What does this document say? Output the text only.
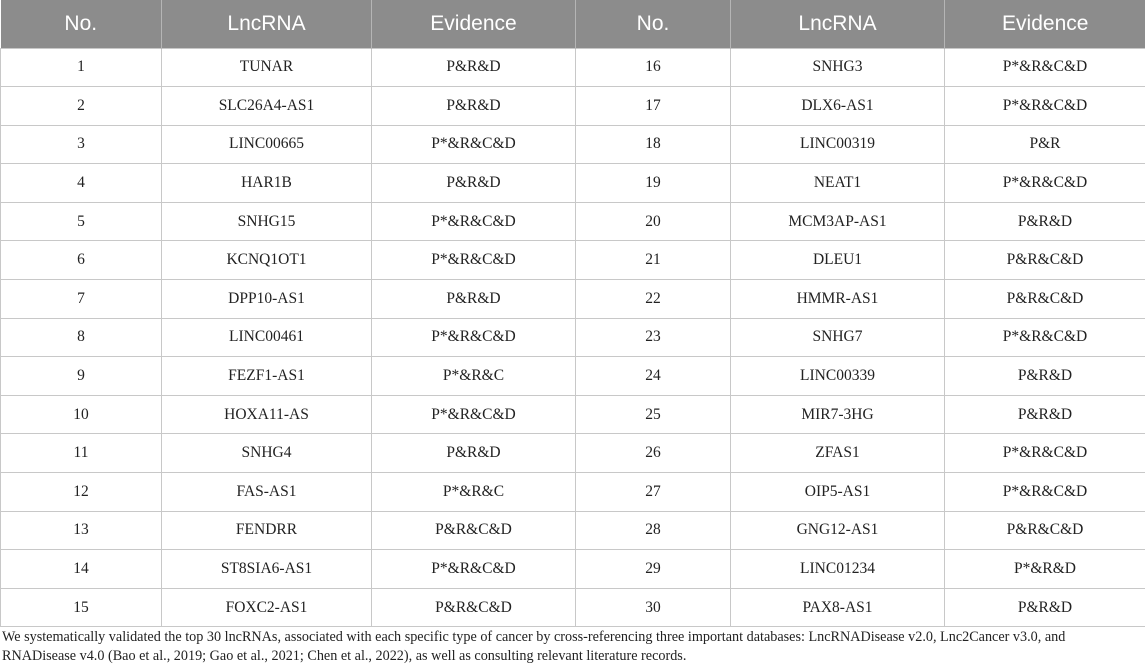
No.	LncRNA	Evidence	No.	LncRNA	Evidence
1	TUNAR	P&R&D	16	SNHG3	P*&R&C&D
2	SLC26A4-AS1	P&R&D	17	DLX6-AS1	P*&R&C&D
3	LINC00665	P*&R&C&D	18	LINC00319	P&R
4	HAR1B	P&R&D	19	NEAT1	P*&R&C&D
5	SNHG15	P*&R&C&D	20	MCM3AP-AS1	P&R&D
6	KCNQ1OT1	P*&R&C&D	21	DLEU1	P&R&C&D
7	DPP10-AS1	P&R&D	22	HMMR-AS1	P&R&C&D
8	LINC00461	P*&R&C&D	23	SNHG7	P*&R&C&D
9	FEZF1-AS1	P*&R&C	24	LINC00339	P&R&D
10	HOXA11-AS	P*&R&C&D	25	MIR7-3HG	P&R&D
11	SNHG4	P&R&D	26	ZFAS1	P*&R&C&D
12	FAS-AS1	P*&R&C	27	OIP5-AS1	P*&R&C&D
13	FENDRR	P&R&C&D	28	GNG12-AS1	P&R&C&D
14	ST8SIA6-AS1	P*&R&C&D	29	LINC01234	P*&R&D
15	FOXC2-AS1	P&R&C&D	30	PAX8-AS1	P&R&D
We systematically validated the top 30 lncRNAs, associated with each specific type of cancer by cross-referencing three important databases: LncRNADisease v2.0, Lnc2Cancer v3.0, and RNADisease v4.0 (Bao et al., 2019; Gao et al., 2021; Chen et al., 2022), as well as consulting relevant literature records.
